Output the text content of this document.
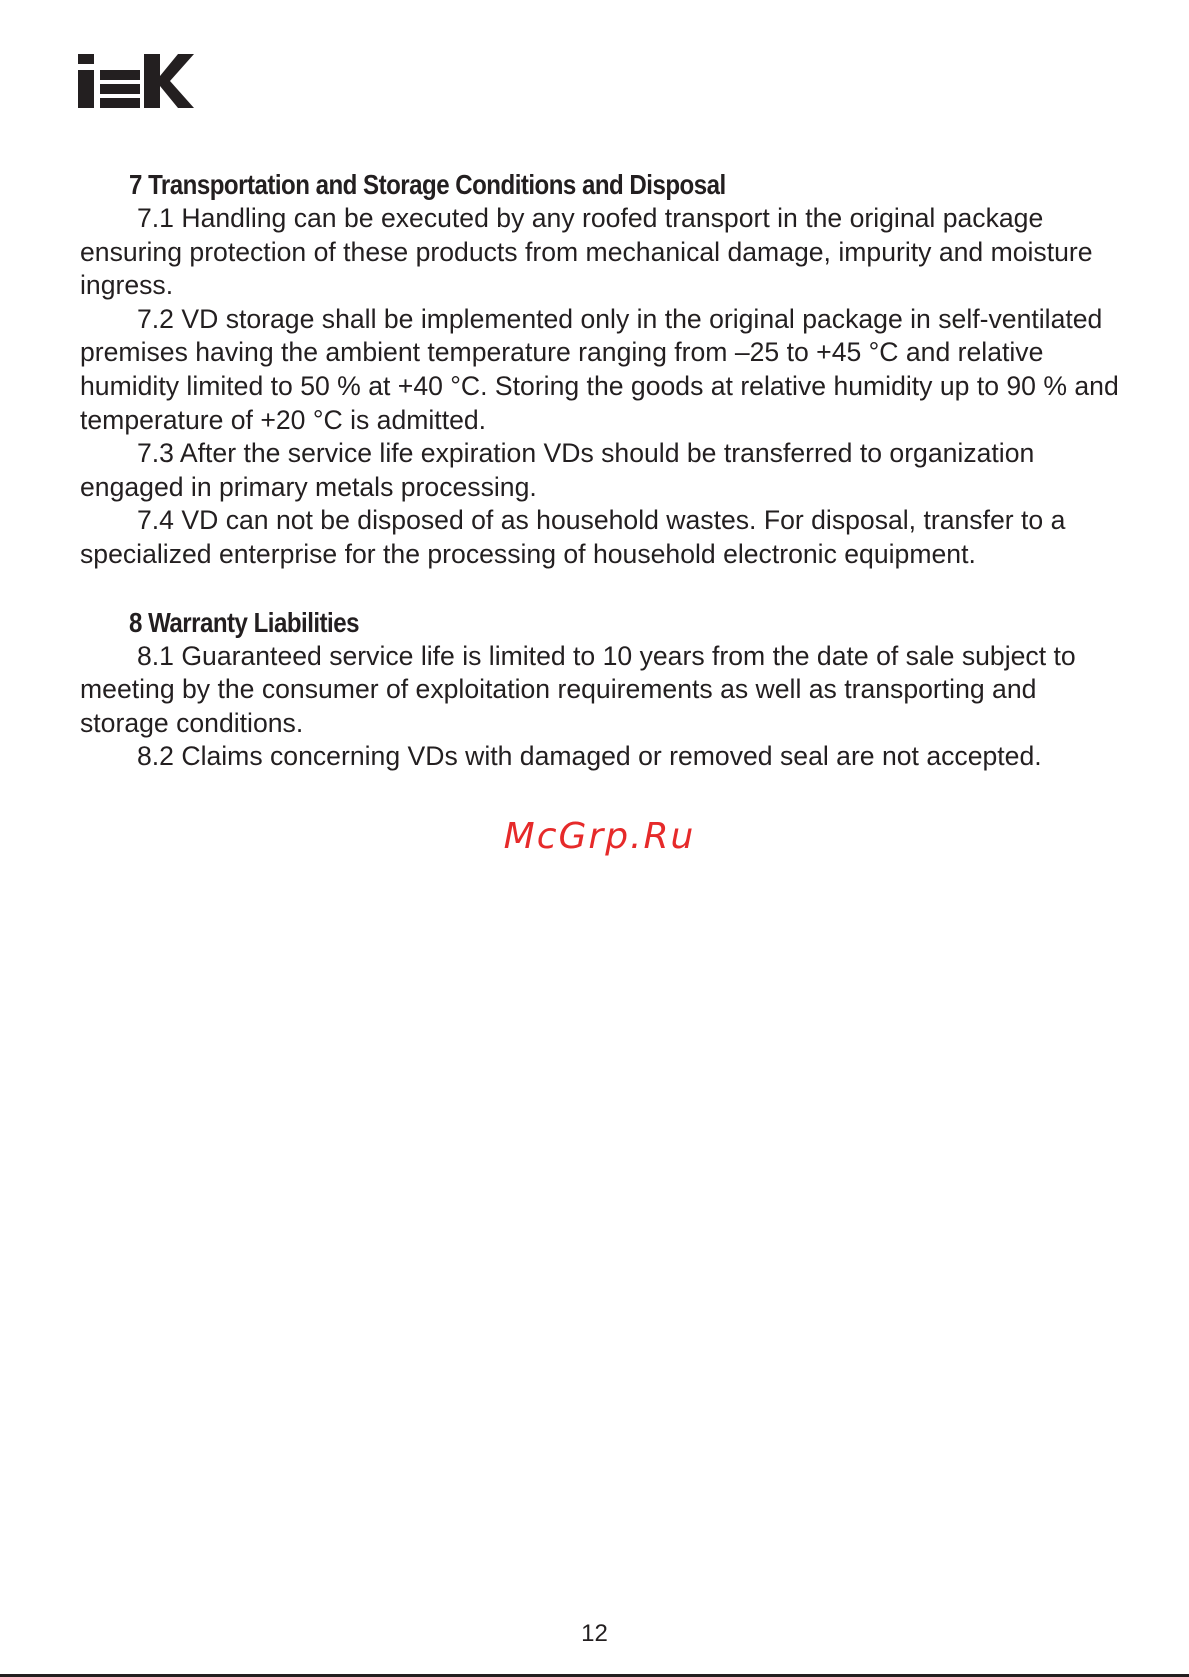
7 Transportation and Storage Conditions and Disposal

7.1 Handling can be executed by any roofed transport in the original package ensuring protection of these products from mechanical damage, impurity and moisture ingress.

7.2 VD storage shall be implemented only in the original package in self-ventilated premises having the ambient temperature ranging from –25 to +45 °C and relative humidity limited to 50 % at +40 °C. Storing the goods at relative humidity up to 90 % and temperature of +20 °C is admitted.

7.3 After the service life expiration VDs should be transferred to organization engaged in primary metals processing.

7.4 VD can not be disposed of as household wastes. For disposal, transfer to a specialized enterprise for the processing of household electronic equipment.

8 Warranty Liabilities

8.1 Guaranteed service life is limited to 10 years from the date of sale subject to meeting by the consumer of exploitation requirements as well as transporting and storage conditions.

8.2 Claims concerning VDs with damaged or removed seal are not accepted.

McGrp.Ru
12
